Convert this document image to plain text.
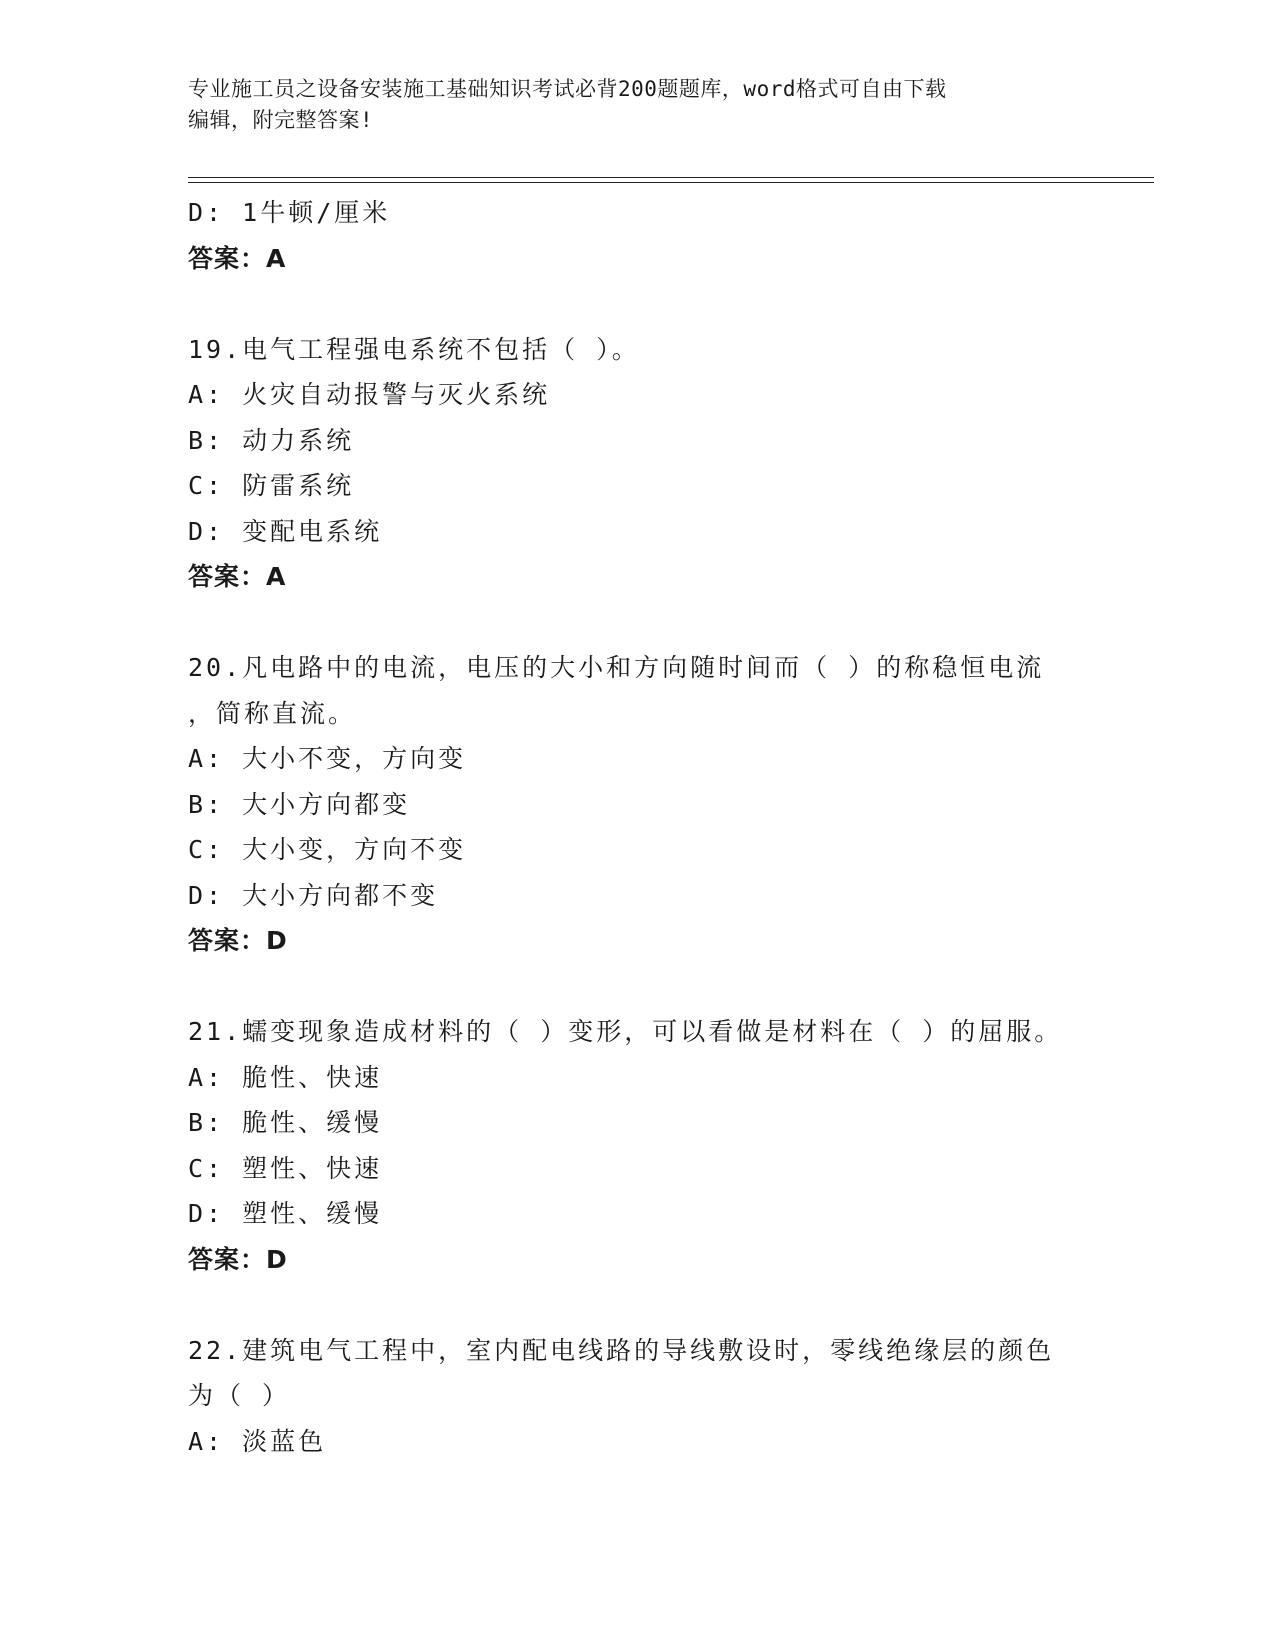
专业施工员之设备安装施工基础知识考试必背200题题库，word格式可自由下载
编辑，附完整答案!
D: 1牛顿/厘米
答案：A
19.电气工程强电系统不包括（ ）。
A: 火灾自动报警与灭火系统
B: 动力系统
C: 防雷系统
D: 变配电系统
答案：A
20.凡电路中的电流，电压的大小和方向随时间而（ ）的称稳恒电流
，简称直流。
A: 大小不变，方向变
B: 大小方向都变
C: 大小变，方向不变
D: 大小方向都不变
答案：D
21.蠕变现象造成材料的（ ）变形，可以看做是材料在（ ）的屈服。
A: 脆性、快速
B: 脆性、缓慢
C: 塑性、快速
D: 塑性、缓慢
答案：D
22.建筑电气工程中，室内配电线路的导线敷设时，零线绝缘层的颜色
为（ ）
A: 淡蓝色
